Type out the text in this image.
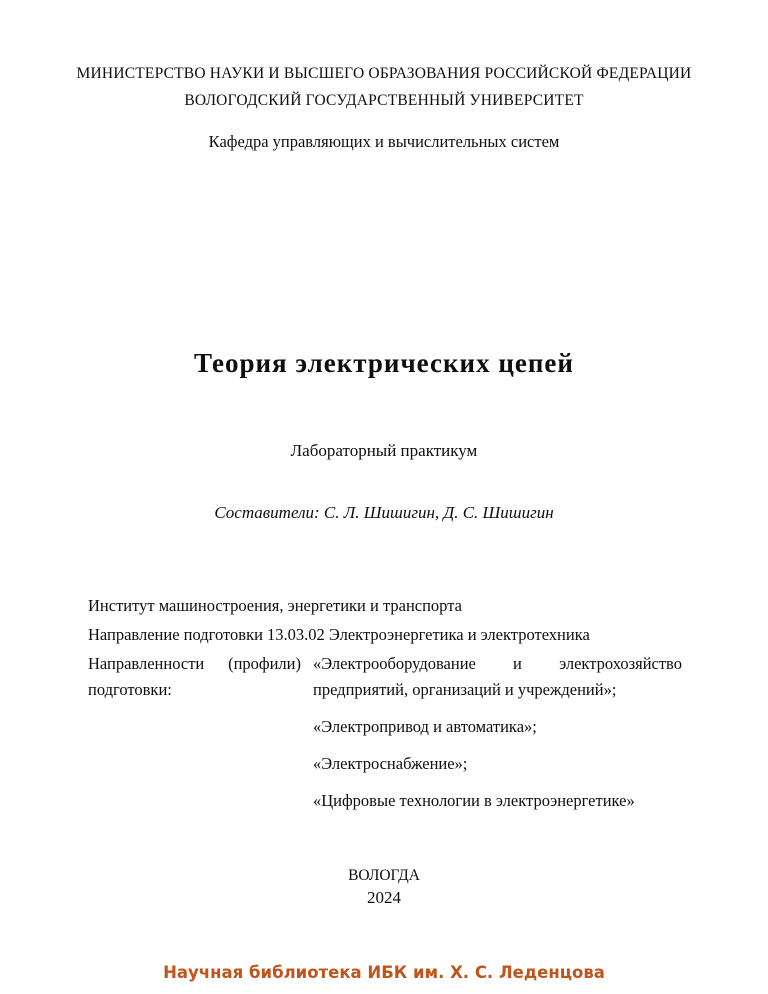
МИНИСТЕРСТВО НАУКИ И ВЫСШЕГО ОБРАЗОВАНИЯ РОССИЙСКОЙ ФЕДЕРАЦИИ
ВОЛОГОДСКИЙ ГОСУДАРСТВЕННЫЙ УНИВЕРСИТЕТ
Кафедра управляющих и вычислительных систем
Теория электрических цепей
Лабораторный практикум
Составители: С. Л. Шишигин, Д. С. Шишигин
Институт машиностроения, энергетики и транспорта
Направление подготовки 13.03.02 Электроэнергетика и электротехника
Направленности (профили) подготовки:
«Электрооборудование и электрохозяйство предприятий, организаций и учреждений»;
«Электропривод и автоматика»;
«Электроснабжение»;
«Цифровые технологии в электроэнергетике»
ВОЛОГДА
2024
Научная библиотека ИБК им. Х. С. Леденцова
